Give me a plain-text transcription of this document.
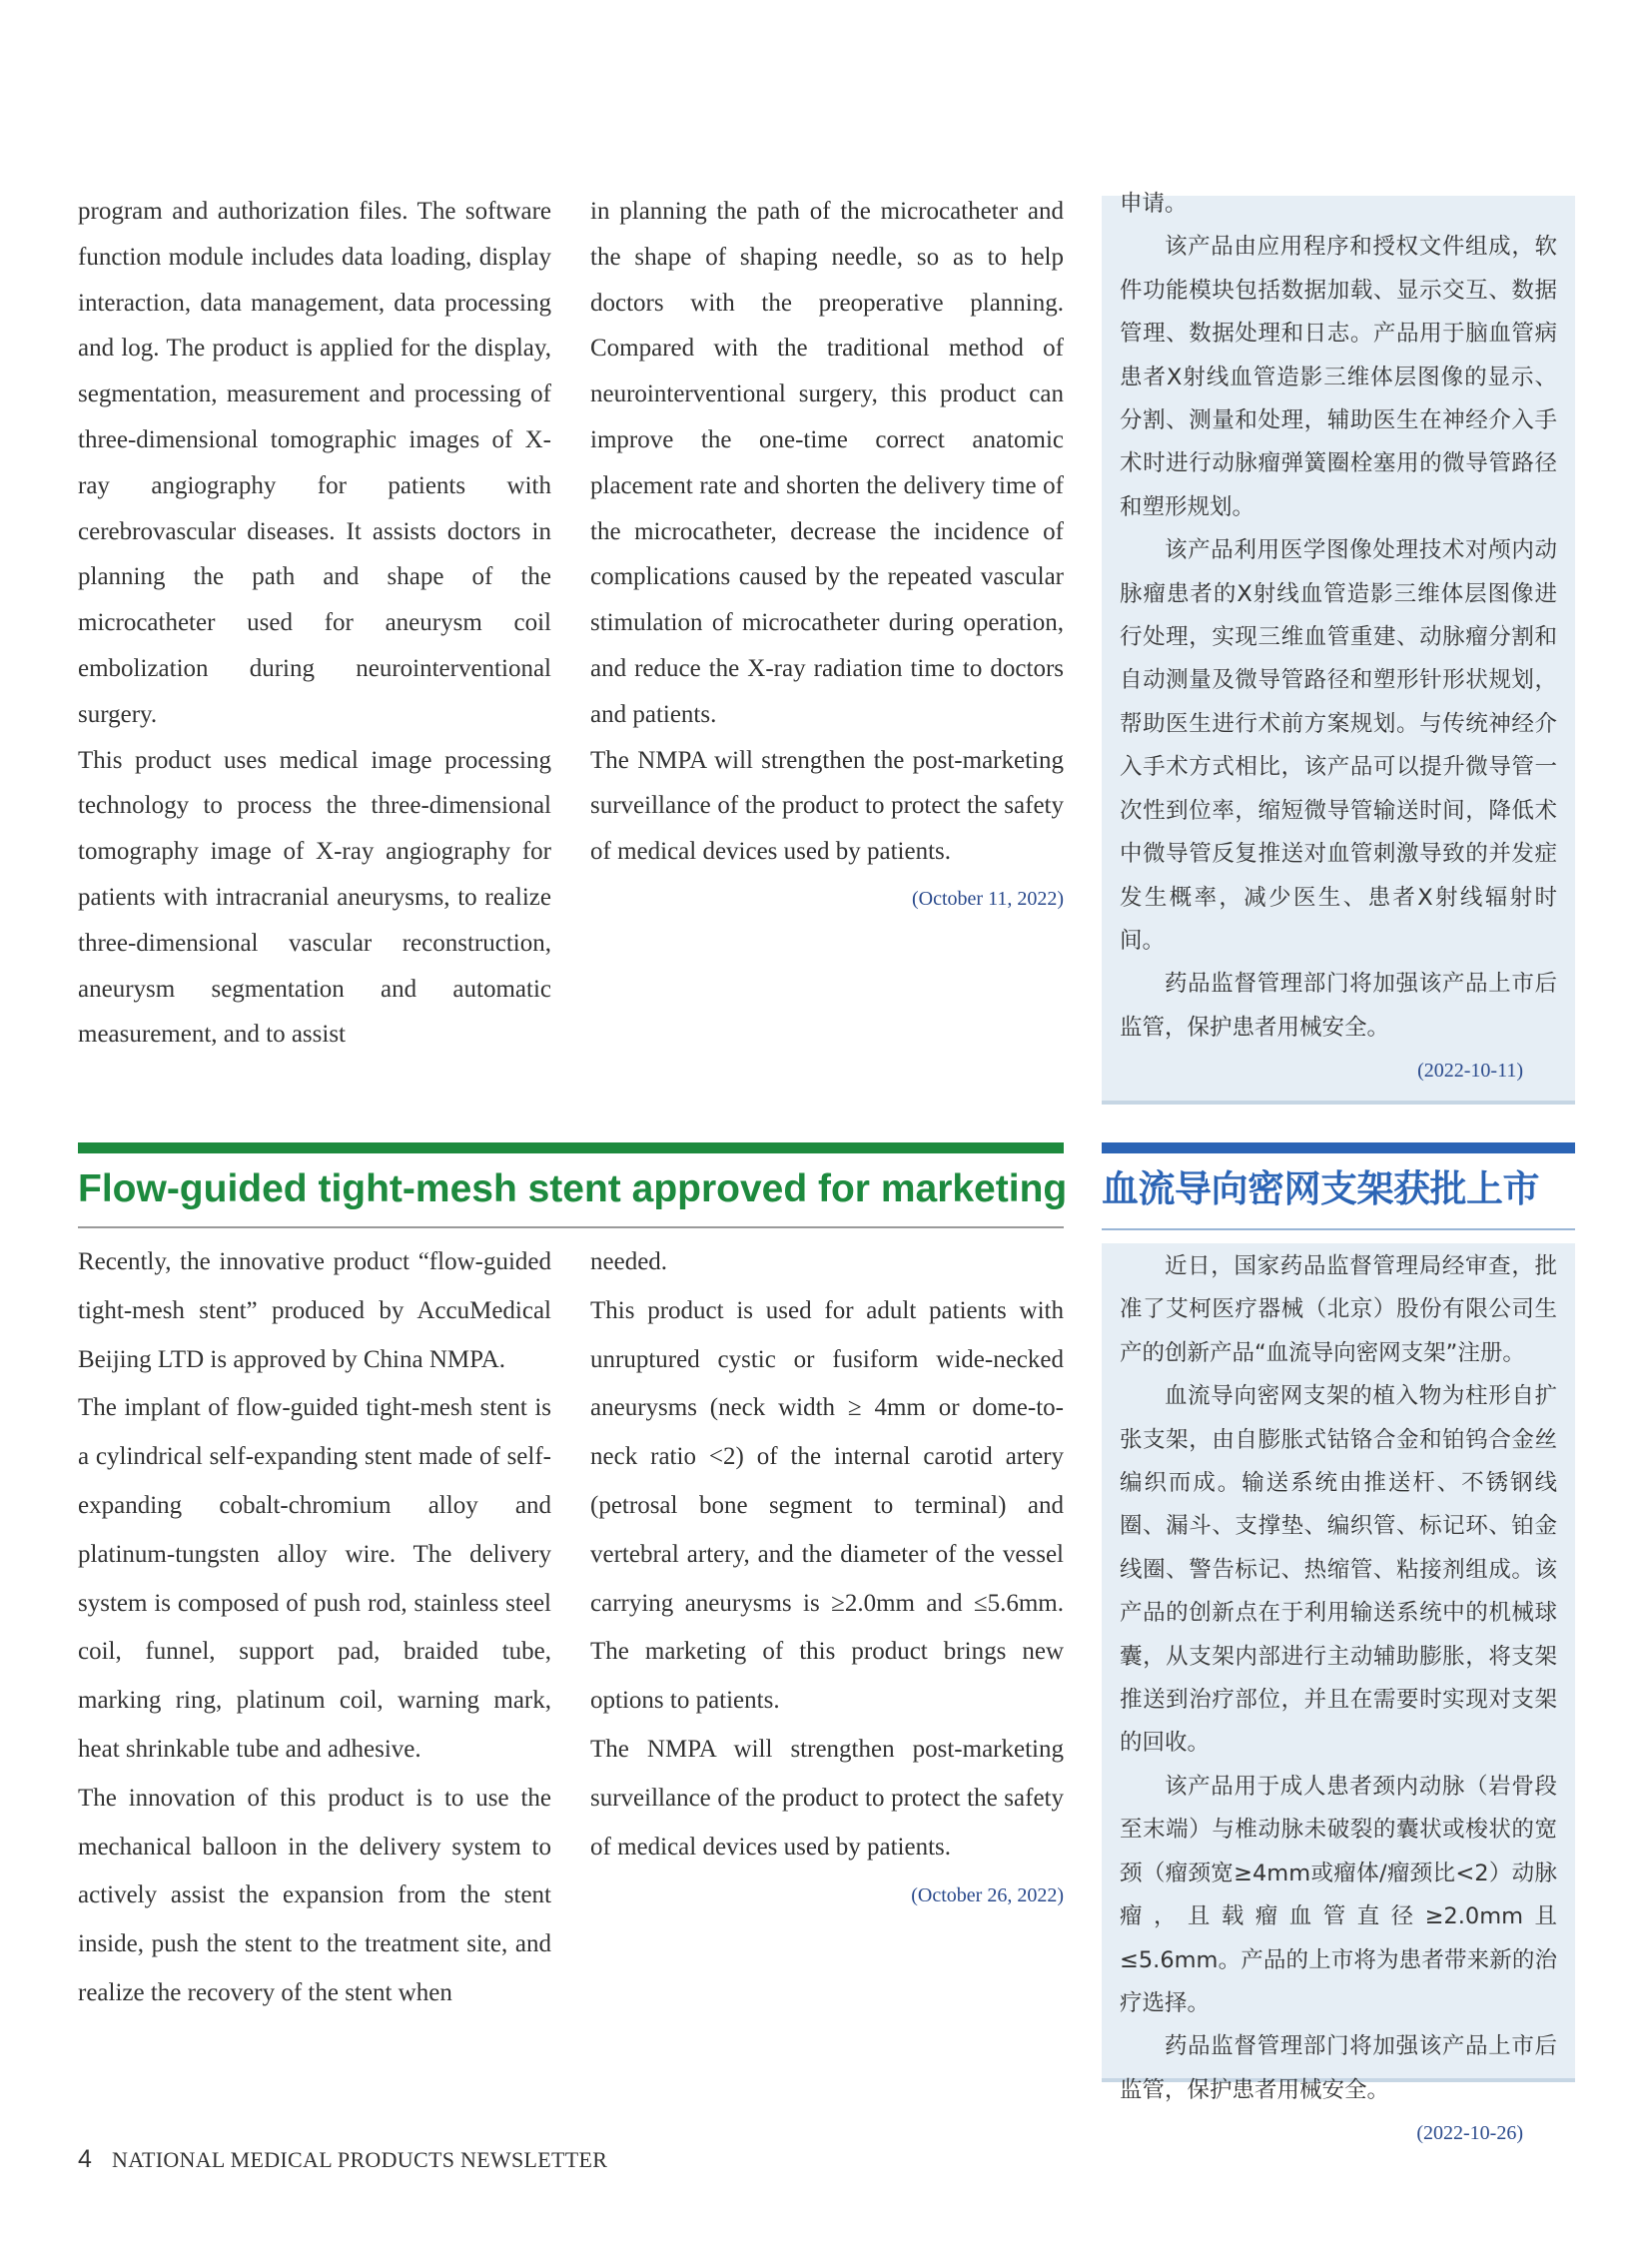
program and authorization files. The software function module includes data loading, display interaction, data management, data processing and log. The product is applied for the display, segmentation, measurement and processing of three-dimensional tomographic images of X-ray angiography for patients with cerebrovascular diseases. It assists doctors in planning the path and shape of the microcatheter used for aneurysm coil embolization during neurointerventional surgery.

This product uses medical image processing technology to process the three-dimensional tomography image of X-ray angiography for patients with intracranial aneurysms, to realize three-dimensional vascular reconstruction, aneurysm segmentation and automatic measurement, and to assist

in planning the path of the microcatheter and the shape of shaping needle, so as to help doctors with the preoperative planning. Compared with the traditional method of neurointerventional surgery, this product can improve the one-time correct anatomic placement rate and shorten the delivery time of the microcatheter, decrease the incidence of complications caused by the repeated vascular stimulation of microcatheter during operation, and reduce the X-ray radiation time to doctors and patients.

The NMPA will strengthen the post-marketing surveillance of the product to protect the safety of medical devices used by patients.

(October 11, 2022)

申请。

该产品由应用程序和授权文件组成，软件功能模块包括数据加载、显示交互、数据管理、数据处理和日志。产品用于脑血管病患者X射线血管造影三维体层图像的显示、分割、测量和处理，辅助医生在神经介入手术时进行动脉瘤弹簧圈栓塞用的微导管路径和塑形规划。

该产品利用医学图像处理技术对颅内动脉瘤患者的X射线血管造影三维体层图像进行处理，实现三维血管重建、动脉瘤分割和自动测量及微导管路径和塑形针形状规划，帮助医生进行术前方案规划。与传统神经介入手术方式相比，该产品可以提升微导管一次性到位率，缩短微导管输送时间，降低术中微导管反复推送对血管刺激导致的并发症发生概率，减少医生、患者X射线辐射时间。

药品监督管理部门将加强该产品上市后监管，保护患者用械安全。

(2022-10-11)
Flow-guided tight-mesh stent approved for marketing 血流导向密网支架获批上市

Recently, the innovative product “flow-guided tight-mesh stent” produced by AccuMedical Beijing LTD is approved by China NMPA.

The implant of flow-guided tight-mesh stent is a cylindrical self-expanding stent made of self-expanding cobalt-chromium alloy and platinum-tungsten alloy wire. The delivery system is composed of push rod, stainless steel coil, funnel, support pad, braided tube, marking ring, platinum coil, warning mark, heat shrinkable tube and adhesive.

The innovation of this product is to use the mechanical balloon in the delivery system to actively assist the expansion from the stent inside, push the stent to the treatment site, and realize the recovery of the stent when

needed.

This product is used for adult patients with unruptured cystic or fusiform wide-necked aneurysms (neck width ≥ 4mm or dome-to-neck ratio <2) of the internal carotid artery (petrosal bone segment to terminal) and vertebral artery, and the diameter of the vessel carrying aneurysms is ≥2.0mm and ≤5.6mm. The marketing of this product brings new options to patients.

The NMPA will strengthen post-marketing surveillance of the product to protect the safety of medical devices used by patients.

(October 26, 2022)

近日，国家药品监督管理局经审查，批准了艾柯医疗器械（北京）股份有限公司生产的创新产品“血流导向密网支架”注册。

血流导向密网支架的植入物为柱形自扩张支架，由自膨胀式钴铬合金和铂钨合金丝编织而成。输送系统由推送杆、不锈钢线圈、漏斗、支撑垫、编织管、标记环、铂金线圈、警告标记、热缩管、粘接剂组成。该产品的创新点在于利用输送系统中的机械球囊，从支架内部进行主动辅助膨胀，将支架推送到治疗部位，并且在需要时实现对支架的回收。

该产品用于成人患者颈内动脉（岩骨段至末端）与椎动脉未破裂的囊状或梭状的宽颈（瘤颈宽≥4mm或瘤体/瘤颈比<2）动脉瘤，且载瘤血管直径≥2.0mm且≤5.6mm。产品的上市将为患者带来新的治疗选择。

药品监督管理部门将加强该产品上市后监管，保护患者用械安全。

(2022-10-26)
4 NATIONAL MEDICAL PRODUCTS NEWSLETTER
